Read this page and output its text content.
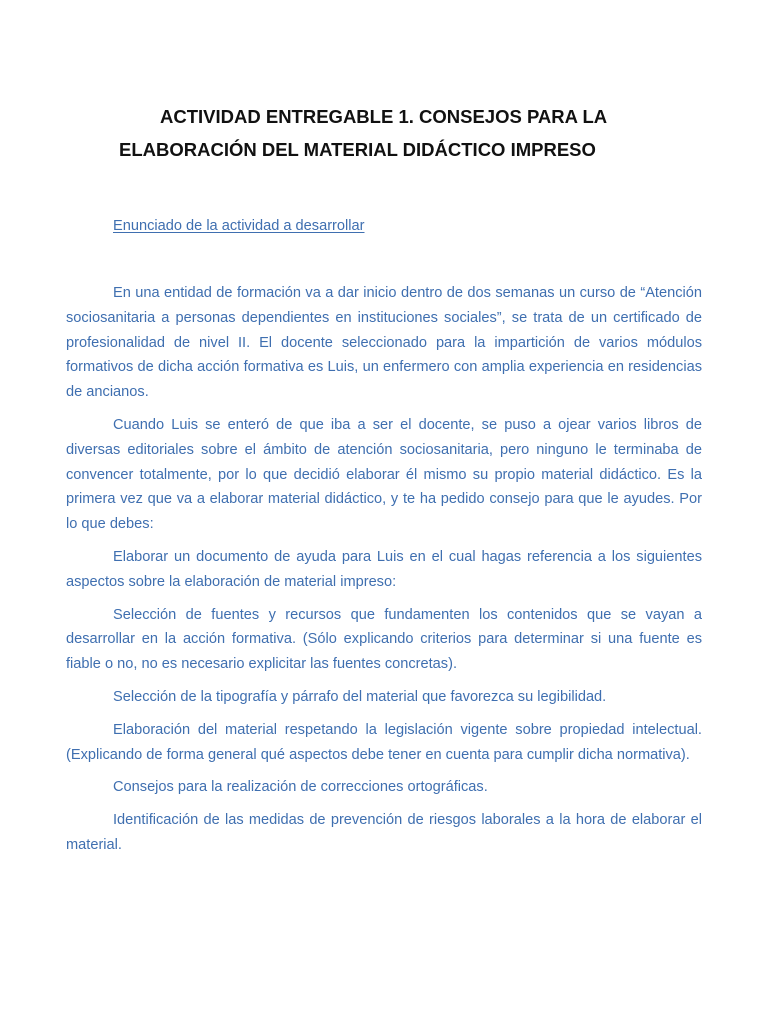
ACTIVIDAD ENTREGABLE 1. CONSEJOS PARA LA
ELABORACIÓN DEL MATERIAL DIDÁCTICO IMPRESO

Enunciado de la actividad a desarrollar

En una entidad de formación va a dar inicio dentro de dos semanas un curso de “Atención sociosanitaria a personas dependientes en instituciones sociales”, se trata de un certificado de profesionalidad de nivel II. El docente seleccionado para la impartición de varios módulos formativos de dicha acción formativa es Luis, un enfermero con amplia experiencia en residencias de ancianos.

Cuando Luis se enteró de que iba a ser el docente, se puso a ojear varios libros de diversas editoriales sobre el ámbito de atención sociosanitaria, pero ninguno le terminaba de convencer totalmente, por lo que decidió elaborar él mismo su propio material didáctico. Es la primera vez que va a elaborar material didáctico, y te ha pedido consejo para que le ayudes. Por lo que debes:

Elaborar un documento de ayuda para Luis en el cual hagas referencia a los siguientes aspectos sobre la elaboración de material impreso:

Selección de fuentes y recursos que fundamenten los contenidos que se vayan a desarrollar en la acción formativa. (Sólo explicando criterios para determinar si una fuente es fiable o no, no es necesario explicitar las fuentes concretas).

Selección de la tipografía y párrafo del material que favorezca su legibilidad.

Elaboración del material respetando la legislación vigente sobre propiedad intelectual. (Explicando de forma general qué aspectos debe tener en cuenta para cumplir dicha normativa).

Consejos para la realización de correcciones ortográficas.

Identificación de las medidas de prevención de riesgos laborales a la hora de elaborar el material.
